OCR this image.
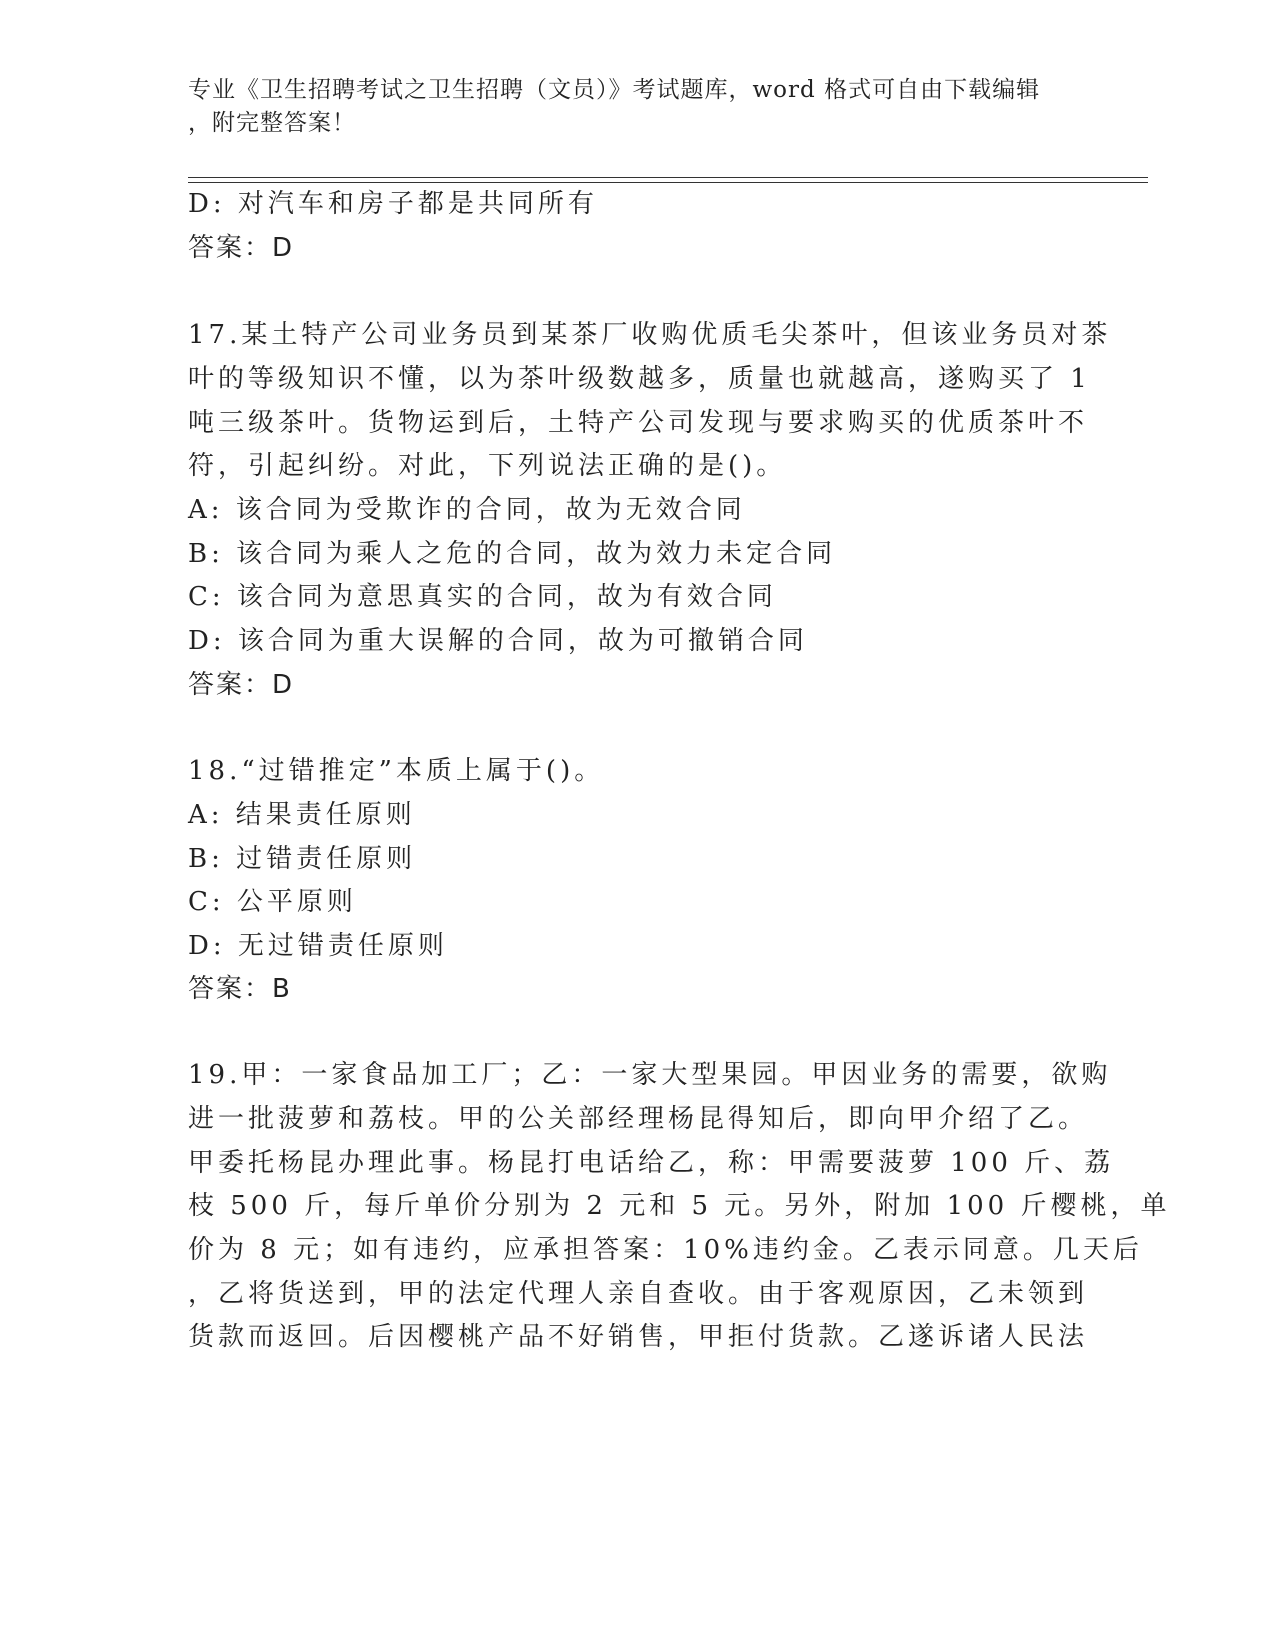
专业《卫生招聘考试之卫生招聘（文员）》考试题库，word 格式可自由下载编辑
，附完整答案！
D: 对汽车和房子都是共同所有
答案：D
17.某土特产公司业务员到某茶厂收购优质毛尖茶叶，但该业务员对茶
叶的等级知识不懂，以为茶叶级数越多，质量也就越高，遂购买了 1
吨三级茶叶。货物运到后，土特产公司发现与要求购买的优质茶叶不
符，引起纠纷。对此，下列说法正确的是()。
A: 该合同为受欺诈的合同，故为无效合同
B: 该合同为乘人之危的合同，故为效力未定合同
C: 该合同为意思真实的合同，故为有效合同
D: 该合同为重大误解的合同，故为可撤销合同
答案：D
18.“过错推定”本质上属于()。
A: 结果责任原则
B: 过错责任原则
C: 公平原则
D: 无过错责任原则
答案：B
19.甲：一家食品加工厂；乙：一家大型果园。甲因业务的需要，欲购
进一批菠萝和荔枝。甲的公关部经理杨昆得知后，即向甲介绍了乙。
甲委托杨昆办理此事。杨昆打电话给乙，称：甲需要菠萝 100 斤、荔
枝 500 斤，每斤单价分别为 2 元和 5 元。另外，附加 100 斤樱桃，单
价为 8 元；如有违约，应承担答案：10%违约金。乙表示同意。几天后
，乙将货送到，甲的法定代理人亲自查收。由于客观原因，乙未领到
货款而返回。后因樱桃产品不好销售，甲拒付货款。乙遂诉诸人民法
